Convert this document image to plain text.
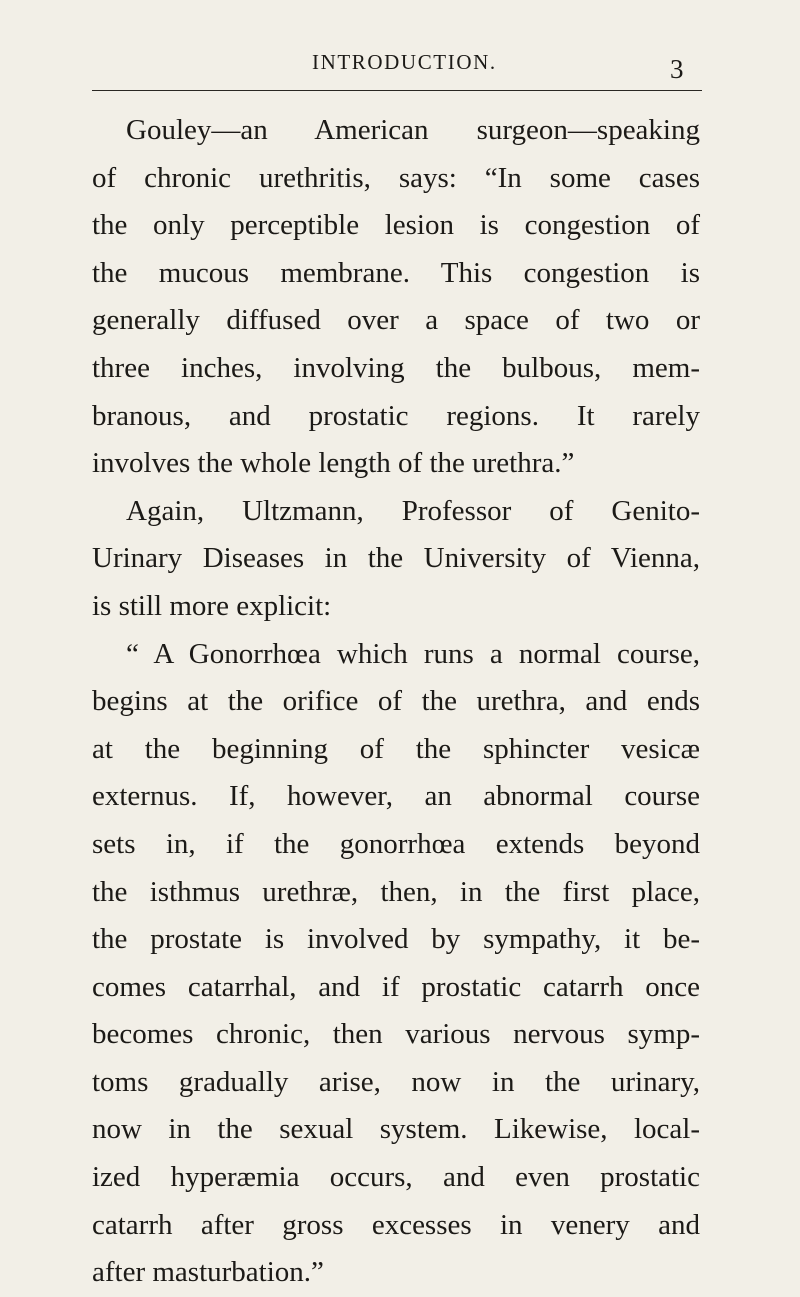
INTRODUCTION.	3
Gouley—an American surgeon—speaking
of chronic urethritis, says: “In some cases
the only perceptible lesion is congestion of
the mucous membrane. This congestion is
generally diffused over a space of two or
three inches, involving the bulbous, mem-
branous, and prostatic regions. It rarely
involves the whole length of the urethra.”
Again, Ultzmann, Professor of Genito-
Urinary Diseases in the University of Vienna,
is still more explicit:
“ A Gonorrhœa which runs a normal course,
begins at the orifice of the urethra, and ends
at the beginning of the sphincter vesicæ
externus. If, however, an abnormal course
sets in, if the gonorrhœa extends beyond
the isthmus urethræ, then, in the first place,
the prostate is involved by sympathy, it be-
comes catarrhal, and if prostatic catarrh once
becomes chronic, then various nervous symp-
toms gradually arise, now in the urinary,
now in the sexual system. Likewise, local-
ized hyperæmia occurs, and even prostatic
catarrh after gross excesses in venery and
after masturbation.”
